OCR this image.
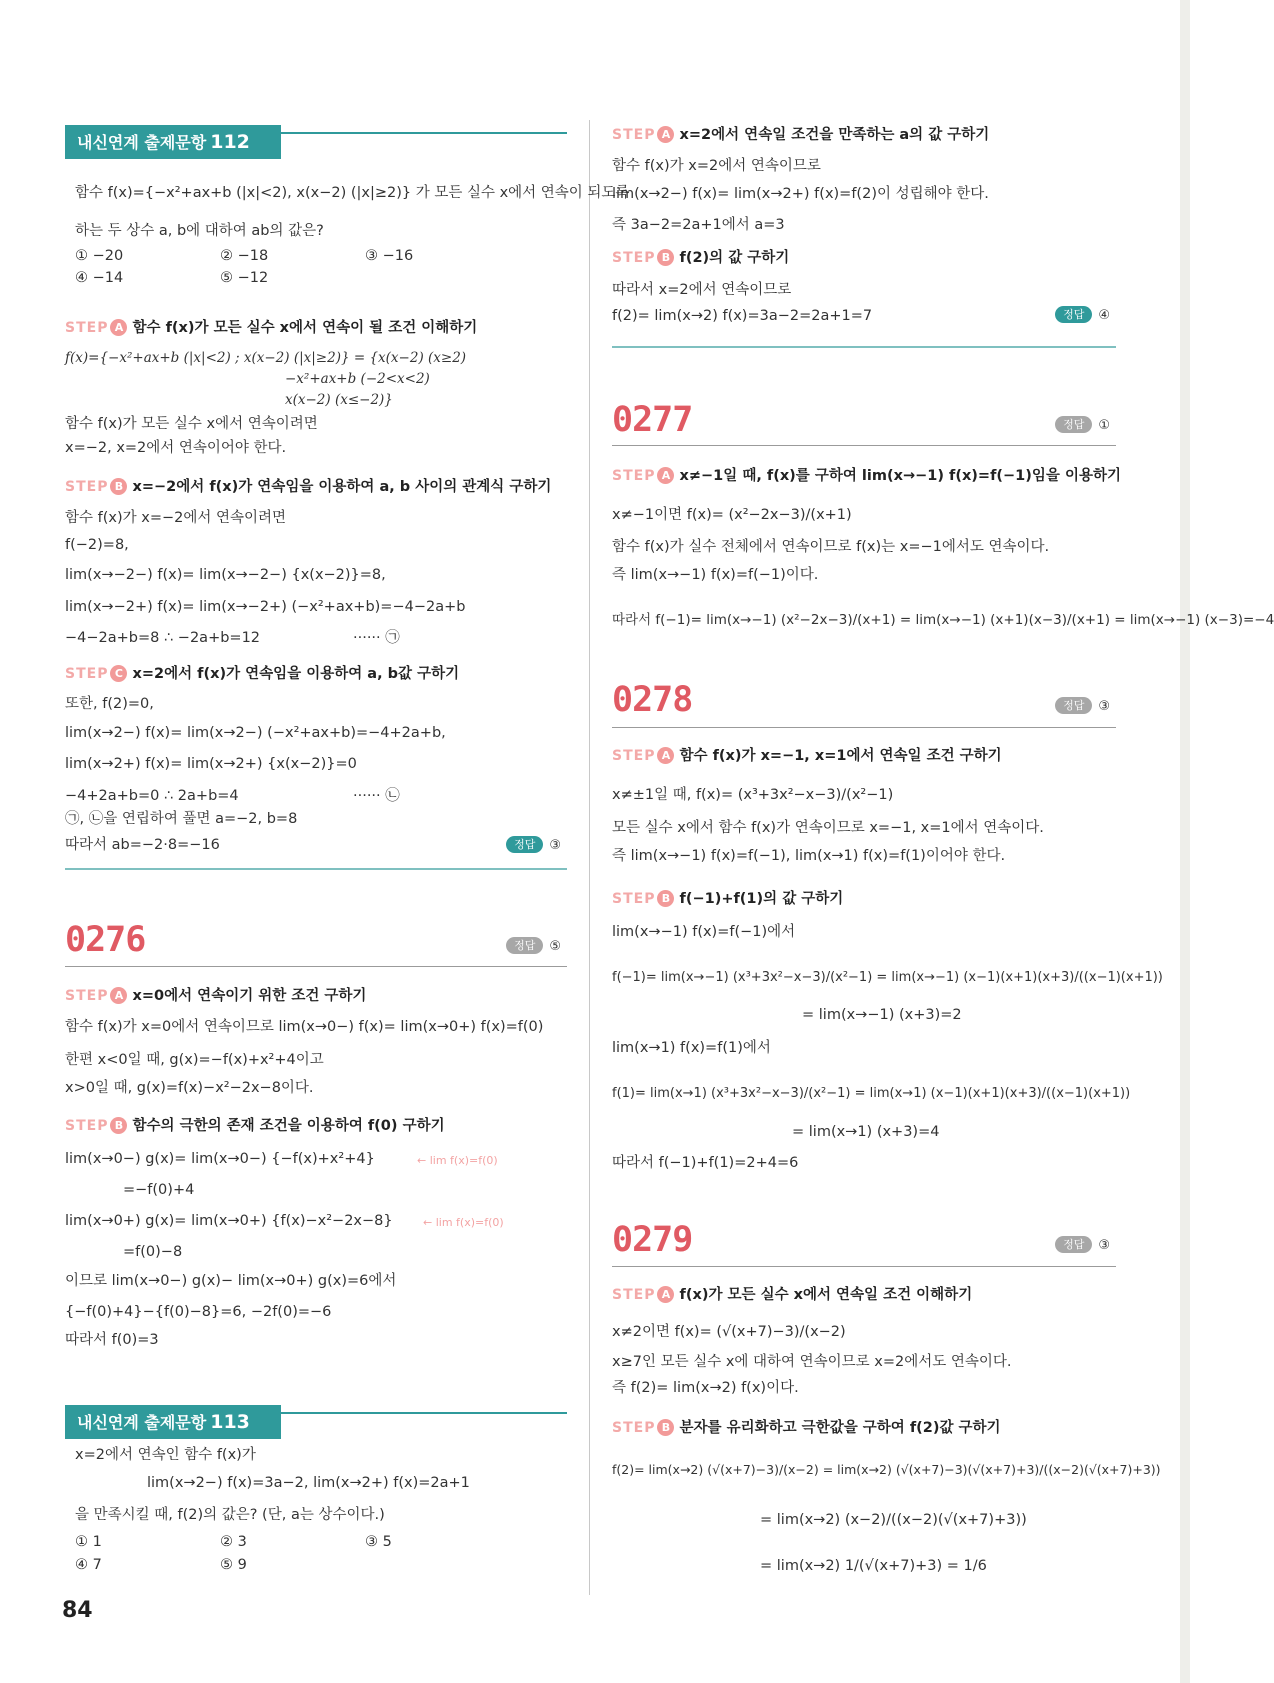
내신연계 출제문항 112
함수 f(x)={−x²+ax+b (|x|<2), x(x−2) (|x|≥2)} 가 모든 실수 x에서 연속이 되도록
하는 두 상수 a, b에 대하여 ab의 값은?
① −20	② −18	③ −16
④ −14	⑤ −12
STEP A 함수 f(x)가 모든 실수 x에서 연속이 될 조건 이해하기
f(x)={−x²+ax+b (|x|<2) ; x(x−2) (|x|≥2)} = {x(x−2) (x≥2)
−x²+ax+b (−2<x<2)
x(x−2) (x≤−2)}
함수 f(x)가 모든 실수 x에서 연속이려면
x=−2, x=2에서 연속이어야 한다.
STEP B x=−2에서 f(x)가 연속임을 이용하여 a, b 사이의 관계식 구하기
함수 f(x)가 x=−2에서 연속이려면
f(−2)=8,
lim(x→−2−) f(x)= lim(x→−2−) {x(x−2)}=8,
lim(x→−2+) f(x)= lim(x→−2+) (−x²+ax+b)=−4−2a+b
−4−2a+b=8 ∴ −2a+b=12	······ ㉠
STEP C x=2에서 f(x)가 연속임을 이용하여 a, b값 구하기
또한, f(2)=0,
lim(x→2−) f(x)= lim(x→2−) (−x²+ax+b)=−4+2a+b,
lim(x→2+) f(x)= lim(x→2+) {x(x−2)}=0
−4+2a+b=0 ∴ 2a+b=4	······ ㉡
㉠, ㉡을 연립하여 풀면 a=−2, b=8
따라서 ab=−2·8=−16	정답 ③
0276	정답 ⑤
STEP A x=0에서 연속이기 위한 조건 구하기
함수 f(x)가 x=0에서 연속이므로 lim(x→0−) f(x)= lim(x→0+) f(x)=f(0)
한편 x<0일 때, g(x)=−f(x)+x²+4이고
x>0일 때, g(x)=f(x)−x²−2x−8이다.
STEP B 함수의 극한의 존재 조건을 이용하여 f(0) 구하기
lim(x→0−) g(x)= lim(x→0−) {−f(x)+x²+4}	← lim f(x)=f(0)
=−f(0)+4
lim(x→0+) g(x)= lim(x→0+) {f(x)−x²−2x−8}	← lim f(x)=f(0)
=f(0)−8
이므로 lim(x→0−) g(x)− lim(x→0+) g(x)=6에서
{−f(0)+4}−{f(0)−8}=6, −2f(0)=−6
따라서 f(0)=3
내신연계 출제문항 113
x=2에서 연속인 함수 f(x)가
lim(x→2−) f(x)=3a−2, lim(x→2+) f(x)=2a+1
을 만족시킬 때, f(2)의 값은? (단, a는 상수이다.)
① 1	② 3	③ 5
④ 7	⑤ 9
STEP A x=2에서 연속일 조건을 만족하는 a의 값 구하기
함수 f(x)가 x=2에서 연속이므로
lim(x→2−) f(x)= lim(x→2+) f(x)=f(2)이 성립해야 한다.
즉 3a−2=2a+1에서 a=3
STEP B f(2)의 값 구하기
따라서 x=2에서 연속이므로
f(2)= lim(x→2) f(x)=3a−2=2a+1=7	정답 ④
0277	정답 ①
STEP A x≠−1일 때, f(x)를 구하여 lim(x→−1) f(x)=f(−1)임을 이용하기
x≠−1이면 f(x)= (x²−2x−3)/(x+1)
함수 f(x)가 실수 전체에서 연속이므로 f(x)는 x=−1에서도 연속이다.
즉 lim(x→−1) f(x)=f(−1)이다.
따라서 f(−1)= lim(x→−1) (x²−2x−3)/(x+1) = lim(x→−1) (x+1)(x−3)/(x+1) = lim(x→−1) (x−3)=−4
0278	정답 ③
STEP A 함수 f(x)가 x=−1, x=1에서 연속일 조건 구하기
x≠±1일 때, f(x)= (x³+3x²−x−3)/(x²−1)
모든 실수 x에서 함수 f(x)가 연속이므로 x=−1, x=1에서 연속이다.
즉 lim(x→−1) f(x)=f(−1), lim(x→1) f(x)=f(1)이어야 한다.
STEP B f(−1)+f(1)의 값 구하기
lim(x→−1) f(x)=f(−1)에서
f(−1)= lim(x→−1) (x³+3x²−x−3)/(x²−1) = lim(x→−1) (x−1)(x+1)(x+3)/((x−1)(x+1))
= lim(x→−1) (x+3)=2
lim(x→1) f(x)=f(1)에서
f(1)= lim(x→1) (x³+3x²−x−3)/(x²−1) = lim(x→1) (x−1)(x+1)(x+3)/((x−1)(x+1))
= lim(x→1) (x+3)=4
따라서 f(−1)+f(1)=2+4=6
0279	정답 ③
STEP A f(x)가 모든 실수 x에서 연속일 조건 이해하기
x≠2이면 f(x)= (√(x+7)−3)/(x−2)
x≥7인 모든 실수 x에 대하여 연속이므로 x=2에서도 연속이다.
즉 f(2)= lim(x→2) f(x)이다.
STEP B 분자를 유리화하고 극한값을 구하여 f(2)값 구하기
f(2)= lim(x→2) (√(x+7)−3)/(x−2) = lim(x→2) (√(x+7)−3)(√(x+7)+3)/((x−2)(√(x+7)+3))
= lim(x→2) (x−2)/((x−2)(√(x+7)+3))
= lim(x→2) 1/(√(x+7)+3) = 1/6
84
